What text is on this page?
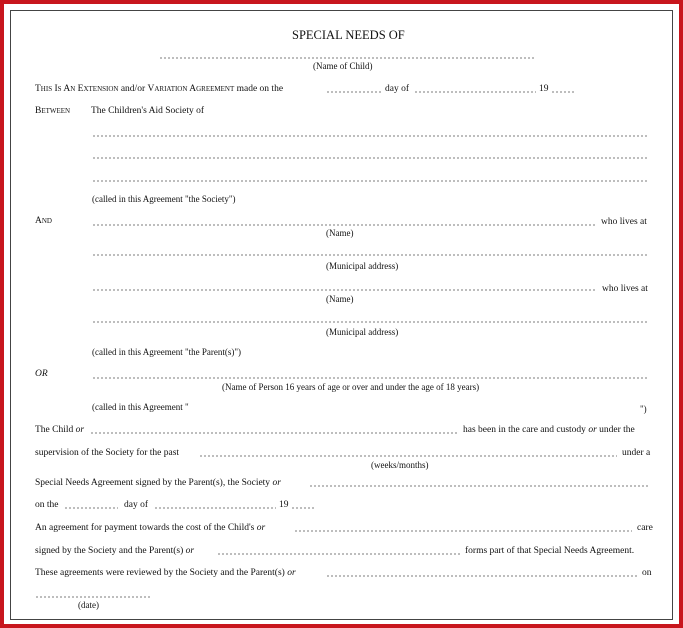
SPECIAL NEEDS OF
(Name of Child)
This Is An Extension and/or Variation Agreement made on the	day of	19
Between The Children's Aid Society of
(called in this Agreement "the Society")
And	who lives at
(Name)
(Municipal address)
who lives at
(Name)
(Municipal address)
(called in this Agreement "the Parent(s)")
OR
(Name of Person 16 years of age or over and under the age of 18 years)
(called in this Agreement "	")
The Child or	has been in the care and custody or under the
supervision of the Society for the past	under a
(weeks/months)
Special Needs Agreement signed by the Parent(s), the Society or
on the	day of	19
An agreement for payment towards the cost of the Child's or	care
signed by the Society and the Parent(s) or	forms part of that Special Needs Agreement.
These agreements were reviewed by the Society and the Parent(s) or	on
(date)
